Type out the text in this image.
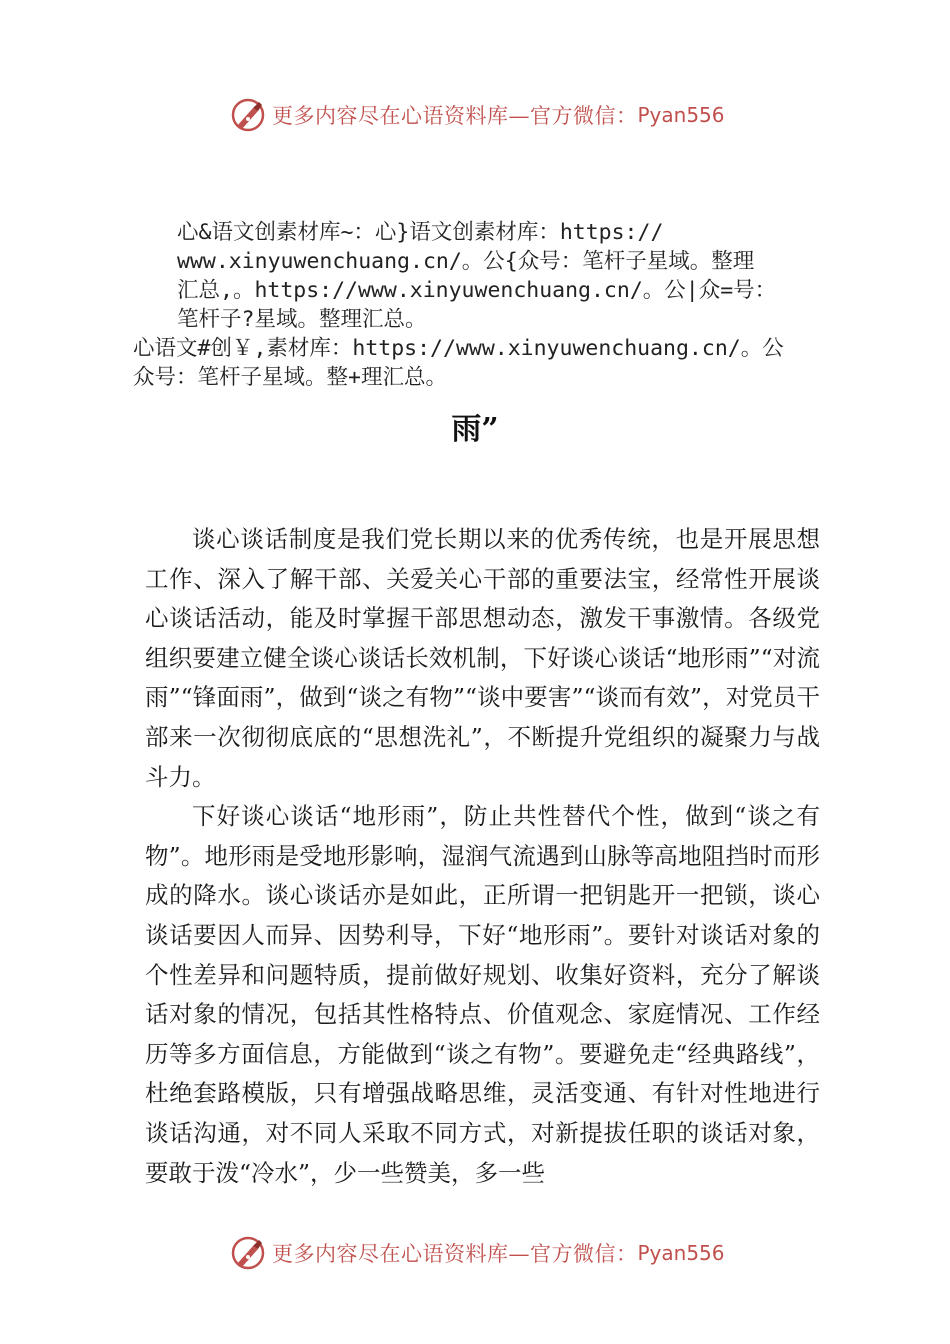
更多内容尽在心语资料库—官方微信： Pyan556
心&语文创素材库~：心}语文创素材库：https://
www.xinyuwenchuang.cn/。公{众号：笔杆子星域。整理
汇总,。https://www.xinyuwenchuang.cn/。公|众=号：
笔杆子?星域。整理汇总。
心语文#创￥,素材库：https://www.xinyuwenchuang.cn/。公
众号：笔杆子星域。整+理汇总。
雨”

谈心谈话制度是我们党长期以来的优秀传统，也是开展思想工作、深入了解干部、关爱关心干部的重要法宝，经常性开展谈心谈话活动，能及时掌握干部思想动态，激发干事激情。各级党组织要建立健全谈心谈话长效机制，下好谈心谈话“地形雨”“对流雨”“锋面雨”，做到“谈之有物”“谈中要害”“谈而有效”，对党员干部来一次彻彻底底的“思想洗礼”，不断提升党组织的凝聚力与战斗力。

下好谈心谈话“地形雨”，防止共性替代个性，做到“谈之有物”。地形雨是受地形影响，湿润气流遇到山脉等高地阻挡时而形成的降水。谈心谈话亦是如此，正所谓一把钥匙开一把锁，谈心谈话要因人而异、因势利导，下好“地形雨”。要针对谈话对象的个性差异和问题特质，提前做好规划、收集好资料，充分了解谈话对象的情况，包括其性格特点、价值观念、家庭情况、工作经历等多方面信息，方能做到“谈之有物”。要避免走“经典路线”，杜绝套路模版，只有增强战略思维，灵活变通、有针对性地进行谈话沟通，对不同人采取不同方式，对新提拔任职的谈话对象，要敢于泼“冷水”，少一些赞美，多一些

更多内容尽在心语资料库—官方微信： Pyan556
